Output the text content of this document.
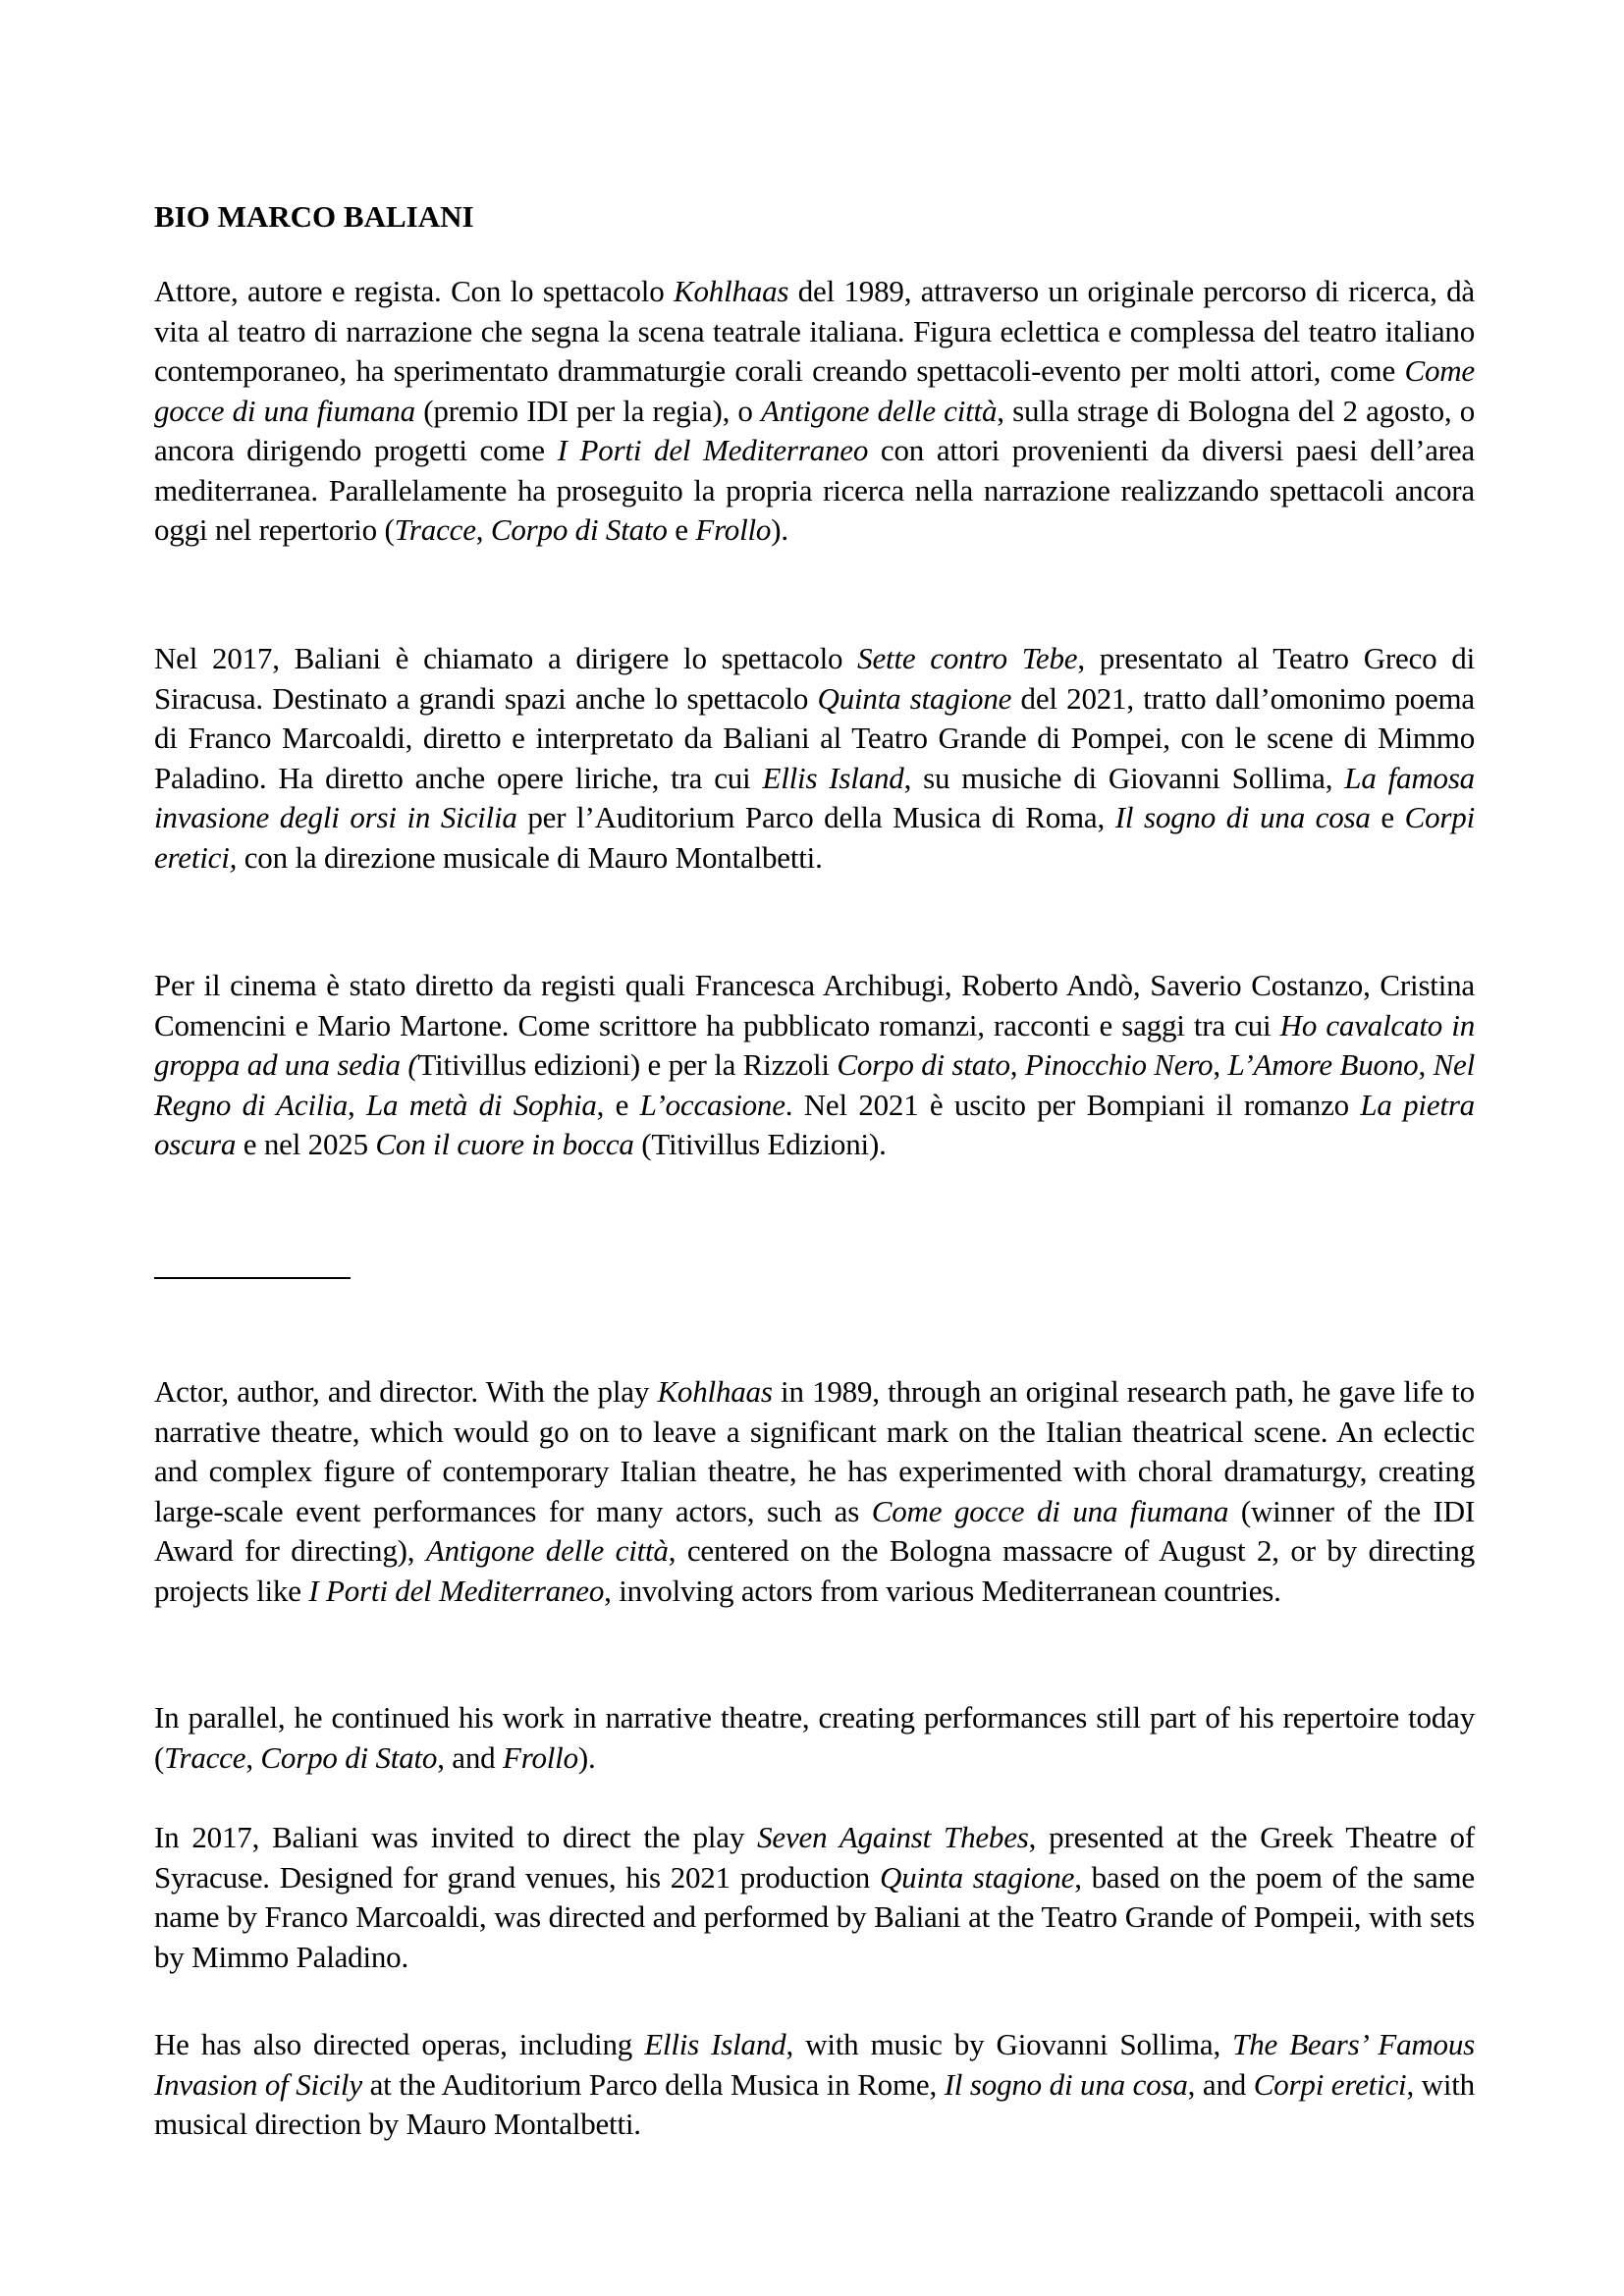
BIO MARCO BALIANI

Attore, autore e regista. Con lo spettacolo Kohlhaas del 1989, attraverso un originale percorso di ricerca, dà vita al teatro di narrazione che segna la scena teatrale italiana. Figura eclettica e complessa del teatro italiano contemporaneo, ha sperimentato drammaturgie corali creando spettacoli-evento per molti attori, come Come gocce di una fiumana (premio IDI per la regia), o Antigone delle città, sulla strage di Bologna del 2 agosto, o ancora dirigendo progetti come I Porti del Mediterraneo con attori provenienti da diversi paesi dell’area mediterranea. Parallelamente ha proseguito la propria ricerca nella narrazione realizzando spettacoli ancora oggi nel repertorio (Tracce, Corpo di Stato e Frollo).

Nel 2017, Baliani è chiamato a dirigere lo spettacolo Sette contro Tebe, presentato al Teatro Greco di Siracusa. Destinato a grandi spazi anche lo spettacolo Quinta stagione del 2021, tratto dall’omonimo poema di Franco Marcoaldi, diretto e interpretato da Baliani al Teatro Grande di Pompei, con le scene di Mimmo Paladino. Ha diretto anche opere liriche, tra cui Ellis Island, su musiche di Giovanni Sollima, La famosa invasione degli orsi in Sicilia per l’Auditorium Parco della Musica di Roma, Il sogno di una cosa e Corpi eretici, con la direzione musicale di Mauro Montalbetti.

Per il cinema è stato diretto da registi quali Francesca Archibugi, Roberto Andò, Saverio Costanzo, Cristina Comencini e Mario Martone. Come scrittore ha pubblicato romanzi, racconti e saggi tra cui Ho cavalcato in groppa ad una sedia (Titivillus edizioni) e per la Rizzoli Corpo di stato, Pinocchio Nero, L’Amore Buono, Nel Regno di Acilia, La metà di Sophia, e L’occasione. Nel 2021 è uscito per Bompiani il romanzo La pietra oscura e nel 2025 Con il cuore in bocca (Titivillus Edizioni).

Actor, author, and director. With the play Kohlhaas in 1989, through an original research path, he gave life to narrative theatre, which would go on to leave a significant mark on the Italian theatrical scene. An eclectic and complex figure of contemporary Italian theatre, he has experimented with choral dramaturgy, creating large-scale event performances for many actors, such as Come gocce di una fiumana (winner of the IDI Award for directing), Antigone delle città, centered on the Bologna massacre of August 2, or by directing projects like I Porti del Mediterraneo, involving actors from various Mediterranean countries.

In parallel, he continued his work in narrative theatre, creating performances still part of his repertoire today (Tracce, Corpo di Stato, and Frollo).

In 2017, Baliani was invited to direct the play Seven Against Thebes, presented at the Greek Theatre of Syracuse. Designed for grand venues, his 2021 production Quinta stagione, based on the poem of the same name by Franco Marcoaldi, was directed and performed by Baliani at the Teatro Grande of Pompeii, with sets by Mimmo Paladino.

He has also directed operas, including Ellis Island, with music by Giovanni Sollima, The Bears’ Famous Invasion of Sicily at the Auditorium Parco della Musica in Rome, Il sogno di una cosa, and Corpi eretici, with musical direction by Mauro Montalbetti.
